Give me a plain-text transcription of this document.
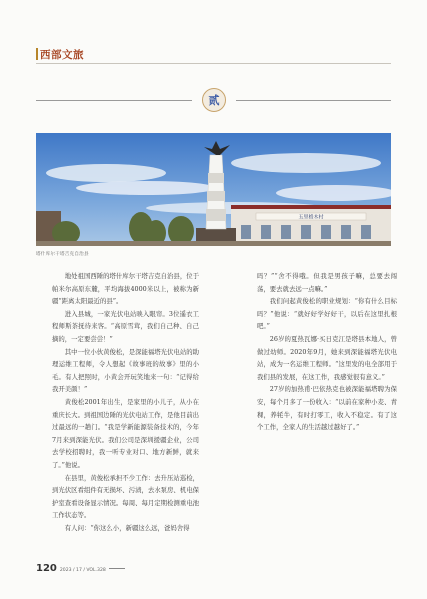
西部文旅
贰
五里格木村
塔什库尔干塔吉克自治县

地处祖国西陲的塔什库尔干塔吉克自治县，位于帕米尔高原东麓，平均海拔4000米以上，被称为新疆“距离太阳最近的县”。

进入县城，一家光伏电站映入眼帘。3位遥衣工程师斯茶抚待来客。“高原雪茸，我们自己种、自己摘的，一定要尝尝！”

其中一位小伙黄俊松，是深能福塔光伏电站的助理运维工程师，令人想起《故事班的故事》里的小毛。有人把照时，小黄会开玩笑地来一句：“记得给我开美颜！”

黄俊松2001年出生，是家里的小儿子，从小在重庆长大。到祖国边陲的光伏电站工作，是他目前出过最远的一趟门。“我是学新能源装备技术的，今年7月来到深能光伏。我们公司是深圳援疆企业，公司去学校招聘时，我一听专业对口、地方新鲜，就来了。”他说。

在县里，黄俊松承担不少工作：去升压站巡检，到光伏区看组件有无损坏、污渍，去水泵房、机电保护室查看设备显示情况。每周、每月定期检测重电池工作状态等。

有人问：“你这么小，新疆这么远，爸妈舍得

吗？”“舍不得哦。但我是男孩子嘛，总要去闯荡，要去就去远一点嘛。”

我们问起黄俊松的职业规划：“你有什么目标吗？”他说：“就好好学好好干，以后在这里扎根吧。”

26岁的夏热瓦娜·买日克江是塔县本地人，曾做过幼师。2020年9月，她来到深能福塔光伏电站，成为一名运维工程师。“这里发的电全部用于我们县的发展，在这工作，我感觉很有意义。”

27岁的加热甫·巴依热克也被深能福塔聘为保安，每个月多了一份收入：“以前在家种小麦、青稞，养牦牛，有时打零工，收入不稳定。有了这个工作，全家人的生活越过越好了。”

120 2023 / 17 / VOL.328
